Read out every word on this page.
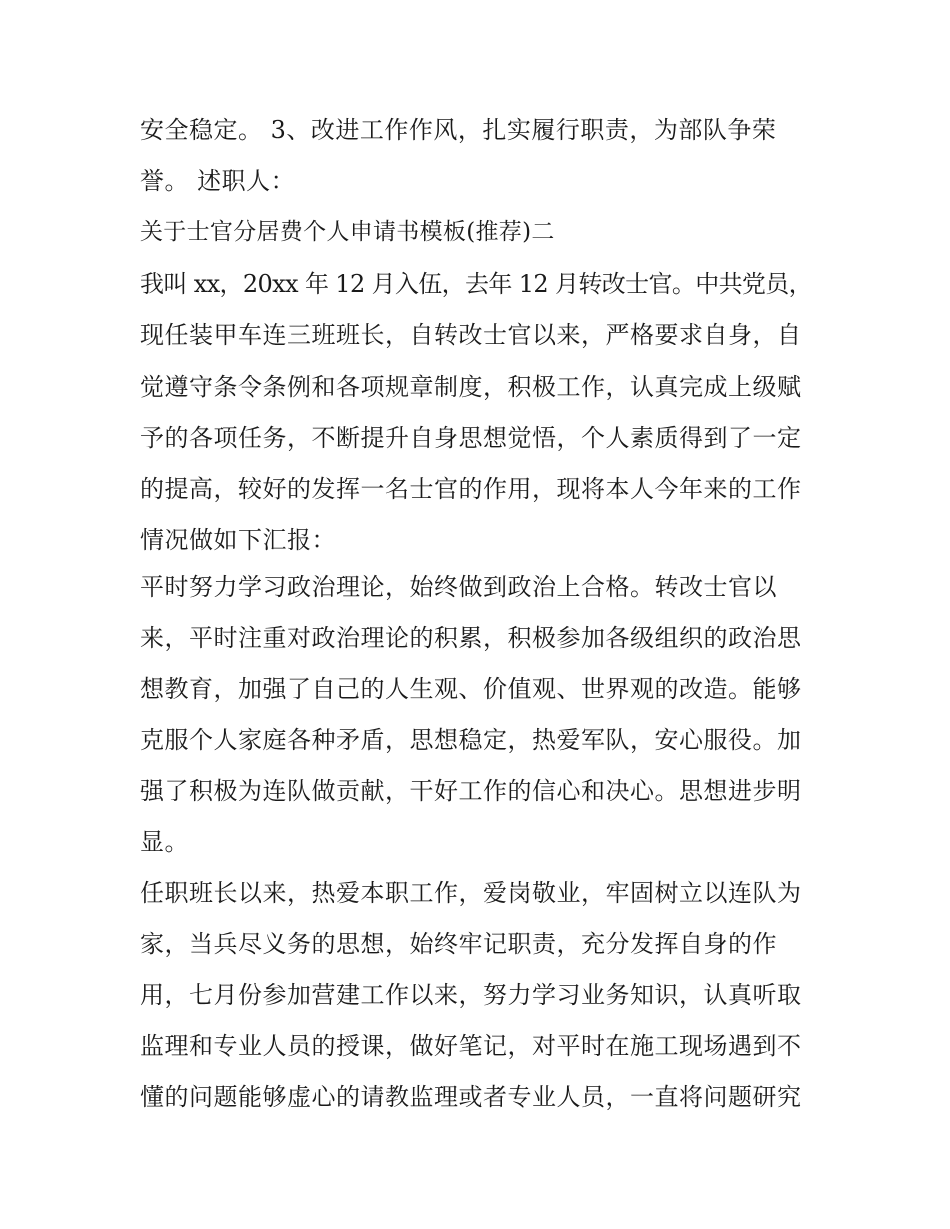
安全稳定。 3、改进工作作风，扎实履行职责，为部队争荣
誉。 述职人：
关于士官分居费个人申请书模板(推荐)二
我叫 xx，20xx 年 12 月入伍，去年 12 月转改士官。中共党员，
现任装甲车连三班班长，自转改士官以来，严格要求自身，自
觉遵守条令条例和各项规章制度，积极工作，认真完成上级赋
予的各项任务，不断提升自身思想觉悟，个人素质得到了一定
的提高，较好的发挥一名士官的作用，现将本人今年来的工作
情况做如下汇报：
平时努力学习政治理论，始终做到政治上合格。转改士官以
来，平时注重对政治理论的积累，积极参加各级组织的政治思
想教育，加强了自己的人生观、价值观、世界观的改造。能够
克服个人家庭各种矛盾，思想稳定，热爱军队，安心服役。加
强了积极为连队做贡献，干好工作的信心和决心。思想进步明
显。
任职班长以来，热爱本职工作，爱岗敬业，牢固树立以连队为
家，当兵尽义务的思想，始终牢记职责，充分发挥自身的作
用，七月份参加营建工作以来，努力学习业务知识，认真听取
监理和专业人员的授课，做好笔记，对平时在施工现场遇到不
懂的问题能够虚心的请教监理或者专业人员，一直将问题研究
